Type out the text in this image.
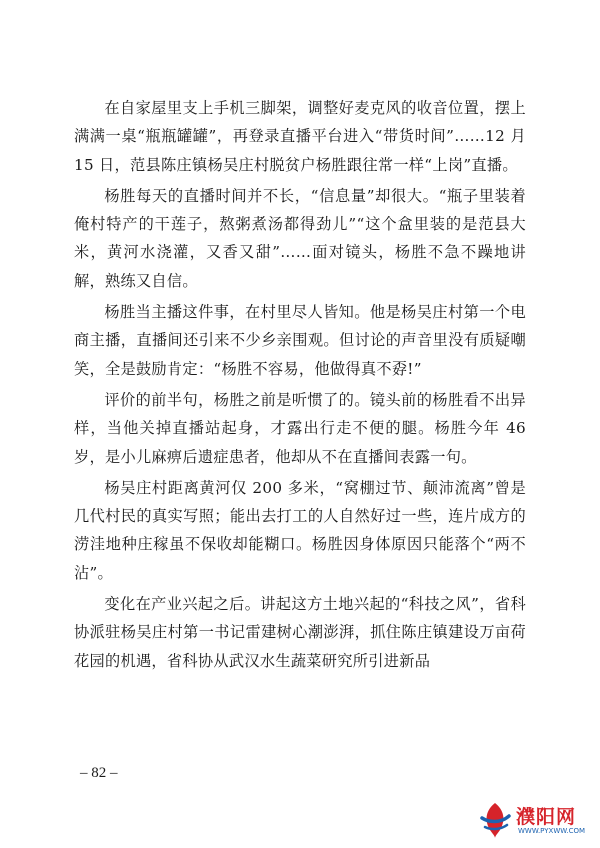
在自家屋里支上手机三脚架，调整好麦克风的收音位置，摆上满满一桌“瓶瓶罐罐”，再登录直播平台进入“带货时间”……12 月 15 日，范县陈庄镇杨吴庄村脱贫户杨胜跟往常一样“上岗”直播。

杨胜每天的直播时间并不长，“信息量”却很大。“瓶子里装着俺村特产的干莲子，熬粥煮汤都得劲儿”“这个盒里装的是范县大米，黄河水浇灌，又香又甜”……面对镜头，杨胜不急不躁地讲解，熟练又自信。

杨胜当主播这件事，在村里尽人皆知。他是杨吴庄村第一个电商主播，直播间还引来不少乡亲围观。但讨论的声音里没有质疑嘲笑，全是鼓励肯定：“杨胜不容易，他做得真不孬!”

评价的前半句，杨胜之前是听惯了的。镜头前的杨胜看不出异样，当他关掉直播站起身，才露出行走不便的腿。杨胜今年 46 岁，是小儿麻痹后遗症患者，他却从不在直播间表露一句。

杨吴庄村距离黄河仅 200 多米，“窝棚过节、颠沛流离”曾是几代村民的真实写照；能出去打工的人自然好过一些，连片成方的涝洼地种庄稼虽不保收却能糊口。杨胜因身体原因只能落个“两不沾”。

变化在产业兴起之后。讲起这方土地兴起的“科技之风”，省科协派驻杨吴庄村第一书记雷建树心潮澎湃，抓住陈庄镇建设万亩荷花园的机遇，省科协从武汉水生蔬菜研究所引进新品

– 82 –
濮阳网
WWW.PYXWW.COM
